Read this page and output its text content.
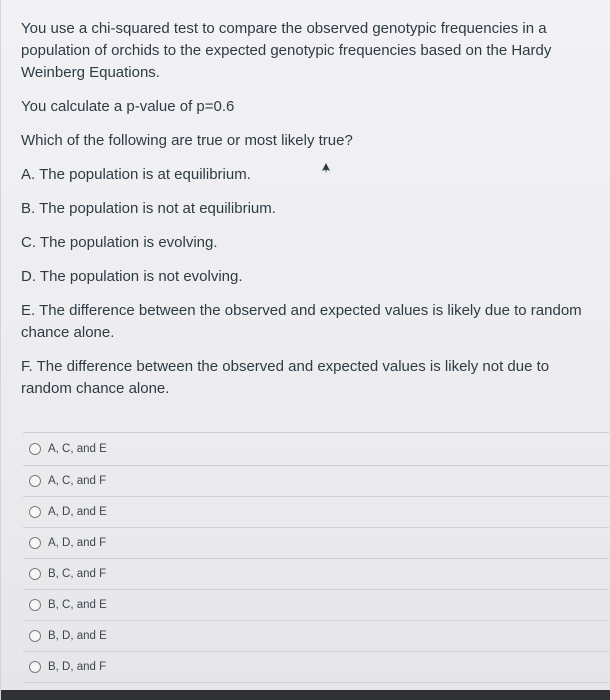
You use a chi-squared test to compare the observed genotypic frequencies in a population of orchids to the expected genotypic frequencies based on the Hardy Weinberg Equations.

You calculate a p-value of p=0.6

Which of the following are true or most likely true?

A. The population is at equilibrium.

B. The population is not at equilibrium.

C. The population is evolving.

D. The population is not evolving.

E. The difference between the observed and expected values is likely due to random chance alone.

F. The difference between the observed and expected values is likely not due to random chance alone.

A, C, and E
A, C, and F
A, D, and E
A, D, and F
B, C, and F
B, C, and E
B, D, and E
B, D, and F
